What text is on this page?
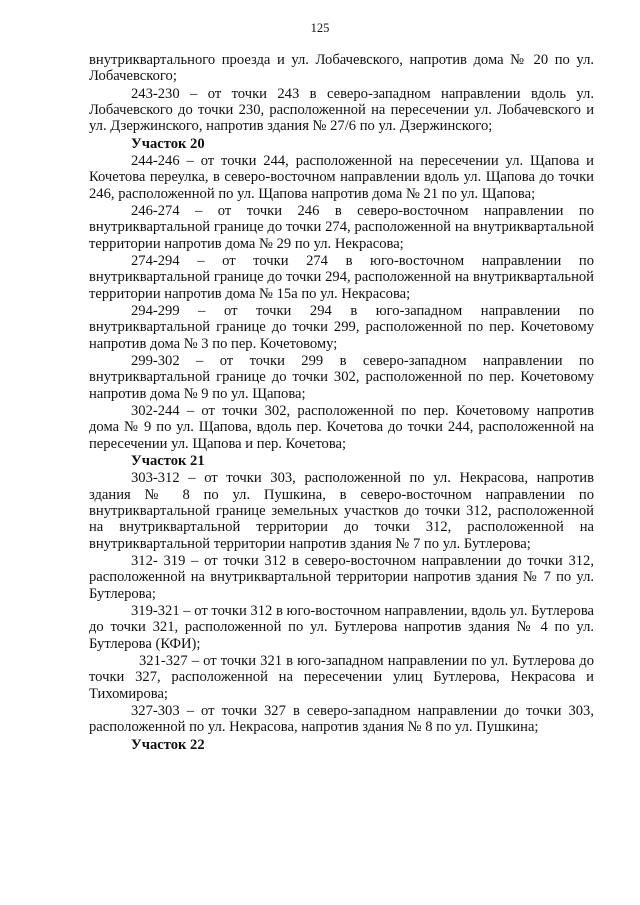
125

внутриквартального проезда и ул. Лобачевского, напротив дома № 20 по ул. Лобачевского;

243-230 – от точки 243 в северо-западном направлении вдоль ул. Лобачевского до точки 230, расположенной на пересечении ул. Лобачевского и ул. Дзержинского, напротив здания № 27/6 по ул. Дзержинского;

Участок 20

244-246 – от точки 244, расположенной на пересечении ул. Щапова и Кочетова переулка, в северо-восточном направлении вдоль ул. Щапова до точки 246, расположенной по ул. Щапова напротив дома № 21 по ул. Щапова;

246-274 – от точки 246 в северо-восточном направлении по внутриквартальной границе до точки 274, расположенной на внутриквартальной территории напротив дома № 29 по ул. Некрасова;

274-294 – от точки 274 в юго-восточном направлении по внутриквартальной границе до точки 294, расположенной на внутриквартальной территории напротив дома № 15а по ул. Некрасова;

294-299 – от точки 294 в юго-западном направлении по внутриквартальной границе до точки 299, расположенной по пер. Кочетовому напротив дома № 3 по пер. Кочетовому;

299-302 – от точки 299 в северо-западном направлении по внутриквартальной границе до точки 302, расположенной по пер. Кочетовому напротив дома № 9 по ул. Щапова;

302-244 – от точки 302, расположенной по пер. Кочетовому напротив дома № 9 по ул. Щапова, вдоль пер. Кочетова до точки 244, расположенной на пересечении ул. Щапова и пер. Кочетова;

Участок 21

303-312 – от точки 303, расположенной по ул. Некрасова, напротив здания № 8 по ул. Пушкина, в северо-восточном направлении по внутриквартальной границе земельных участков до точки 312, расположенной на внутриквартальной территории до точки 312, расположенной на внутриквартальной территории напротив здания № 7 по ул. Бутлерова;

312- 319 – от точки 312 в северо-восточном направлении до точки 312, расположенной на внутриквартальной территории напротив здания № 7 по ул. Бутлерова;

319-321 – от точки 312 в юго-восточном направлении, вдоль ул. Бутлерова до точки 321, расположенной по ул. Бутлерова напротив здания № 4 по ул. Бутлерова (КФИ);

321-327 – от точки 321 в юго-западном направлении по ул. Бутлерова до точки 327, расположенной на пересечении улиц Бутлерова, Некрасова и Тихомирова;

327-303 – от точки 327 в северо-западном направлении до точки 303, расположенной по ул. Некрасова, напротив здания № 8 по ул. Пушкина;

Участок 22
